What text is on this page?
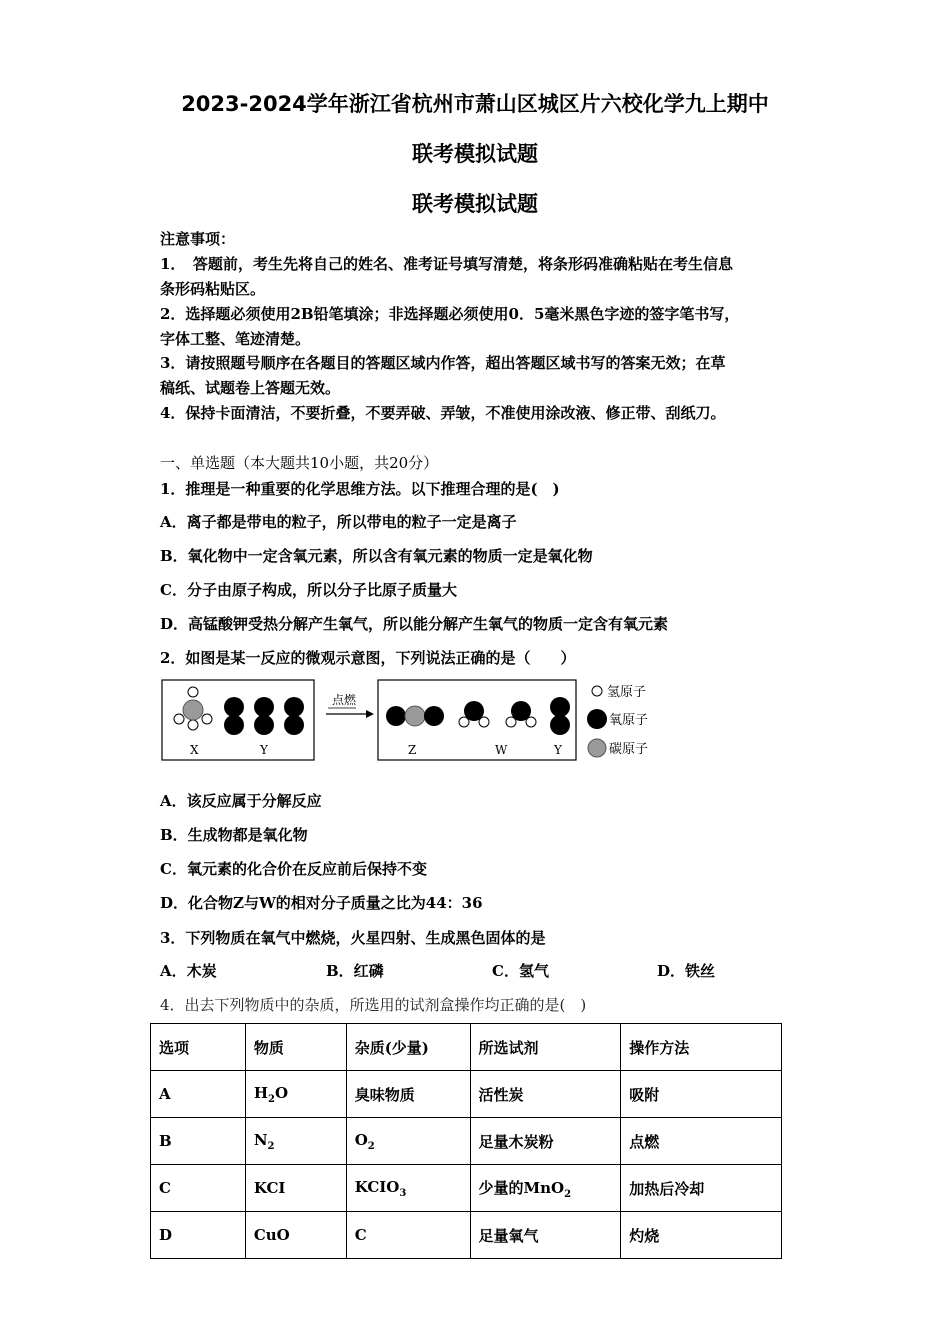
2023-2024学年浙江省杭州市萧山区城区片六校化学九上期中
联考模拟试题
联考模拟试题
注意事项：
1．　答题前，考生先将自己的姓名、准考证号填写清楚，将条形码准确粘贴在考生信息
条形码粘贴区。
2．选择题必须使用2B铅笔填涂；非选择题必须使用0．5毫米黑色字迹的签字笔书写，
字体工整、笔迹清楚。
3．请按照题号顺序在各题目的答题区域内作答，超出答题区域书写的答案无效；在草
稿纸、试题卷上答题无效。
4．保持卡面清洁，不要折叠，不要弄破、弄皱，不准使用涂改液、修正带、刮纸刀。
一、单选题（本大题共10小题，共20分）
1．推理是一种重要的化学思维方法。以下推理合理的是(　)
A．离子都是带电的粒子，所以带电的粒子一定是离子
B．氧化物中一定含氧元素，所以含有氧元素的物质一定是氧化物
C．分子由原子构成，所以分子比原子质量大
D．高锰酸钾受热分解产生氧气，所以能分解产生氧气的物质一定含有氧元素
2．如图是某一反应的微观示意图，下列说法正确的是（　　）
X	Y
点燃
Z	W	Y
氢原子
氧原子
碳原子
A．该反应属于分解反应
B．生成物都是氧化物
C．氧元素的化合价在反应前后保持不变
D．化合物Z与W的相对分子质量之比为44：36
3．下列物质在氧气中燃烧，火星四射、生成黑色固体的是
A．木炭	B．红磷	C．氢气	D．铁丝
4．出去下列物质中的杂质，所选用的试剂盒操作均正确的是(　)
选项	物质	杂质(少量)	所选试剂	操作方法
A	$H_2O$	臭味物质	活性炭	吸附
B	$N_2$	$O_2$	足量木炭粉	点燃
C	KCI	$KCIO_3$	少量的MnO$_2$	加热后冷却
D	CuO	C	足量氧气	灼烧
